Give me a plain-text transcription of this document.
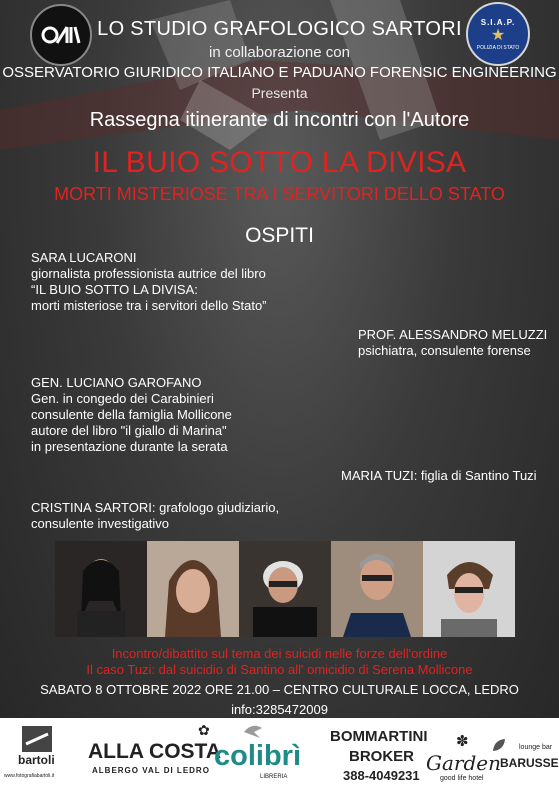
S.I.A.P.
★
POLIZIA DI STATO
LO STUDIO GRAFOLOGICO SARTORI
in collaborazione con
OSSERVATORIO GIURIDICO ITALIANO E PADUANO FORENSIC ENGINEERING
Presenta
Rassegna itinerante di incontri con l'Autore
IL BUIO SOTTO LA DIVISA
MORTI MISTERIOSE TRA I SERVITORI DELLO STATO
OSPITI
SARA LUCARONI
giornalista professionista autrice del libro
“IL BUIO SOTTO LA DIVISA:
morti misteriose tra i servitori dello Stato”
PROF. ALESSANDRO MELUZZI
psichiatra, consulente forense
GEN. LUCIANO GAROFANO
Gen. in congedo dei Carabinieri
consulente della famiglia Mollicone
autore del libro "il giallo di Marina"
in presentazione durante la serata
MARIA TUZI: figlia di Santino Tuzi
CRISTINA SARTORI: grafologo giudiziario,
consulente investigativo
Incontro/dibattito sul tema dei suicidi nelle forze dell'ordine
Il caso Tuzi: dal suicidio di Santino all' omicidio di Serena Mollicone
SABATO 8 OTTOBRE 2022 ORE 21.00 – CENTRO CULTURALE LOCCA, LEDRO
info:3285472009
bartoli
www.fotografiabartoli.it
✿
ALLA COSTA
ALBERGO VAL DI LEDRO colibrì
LIBRERIA
BOMMARTINI
BROKER
388-4049231
✽
Garden
good life hotel
lounge bar
BARUSSE
